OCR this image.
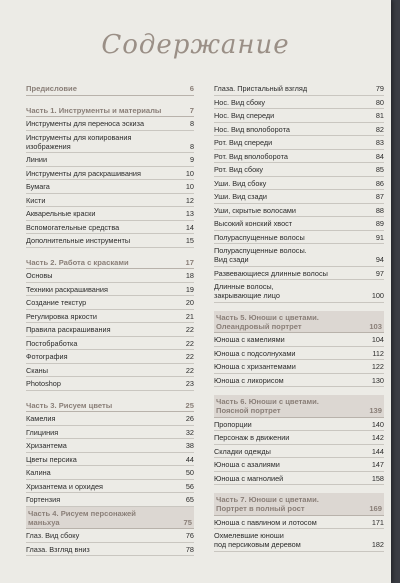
Содержание
Предисловие	6
Часть 1. Инструменты и материалы	7
Инструменты для переноса эскиза	8
Инструменты для копирования
изображения	8
Линии	9
Инструменты для раскрашивания	10
Бумага	10
Кисти	12
Акварельные краски	13
Вспомогательные средства	14
Дополнительные инструменты	15
Часть 2. Работа с красками	17
Основы	18
Техники раскрашивания	19
Создание текстур	20
Регулировка яркости	21
Правила раскрашивания	22
Постобработка	22
Фотография	22
Сканы	22
Photoshop	23
Часть 3. Рисуем цветы	25
Камелия	26
Глициния	32
Хризантема	38
Цветы персика	44
Калина	50
Хризантема и орхидея	56
Гортензия	65
Часть 4. Рисуем персонажей
маньхуа	75
Глаз. Вид сбоку	76
Глаза. Взгляд вниз	78
Глаза. Пристальный взгляд	79
Нос. Вид сбоку	80
Нос. Вид спереди	81
Нос. Вид вполоборота	82
Рот. Вид спереди	83
Рот. Вид вполоборота	84
Рот. Вид сбоку	85
Уши. Вид сбоку	86
Уши. Вид сзади	87
Уши, скрытые волосами	88
Высокий конский хвост	89
Полураспущенные волосы	91
Полураспущенные волосы.
Вид сзади	94
Развевающиеся длинные волосы	97
Длинные волосы,
закрывающие лицо	100
Часть 5. Юноши с цветами.
Олеандровый портрет	103
Юноша с камелиями	104
Юноша с подсолнухами	112
Юноша с хризантемами	122
Юноша с ликорисом	130
Часть 6. Юноши с цветами.
Поясной портрет	139
Пропорции	140
Персонаж в движении	142
Складки одежды	144
Юноша с азалиями	147
Юноша с магнолией	158
Часть 7. Юноши с цветами.
Портрет в полный рост	169
Юноша с павлином и лотосом	171
Охмелевшие юноши
под персиковым деревом	182
